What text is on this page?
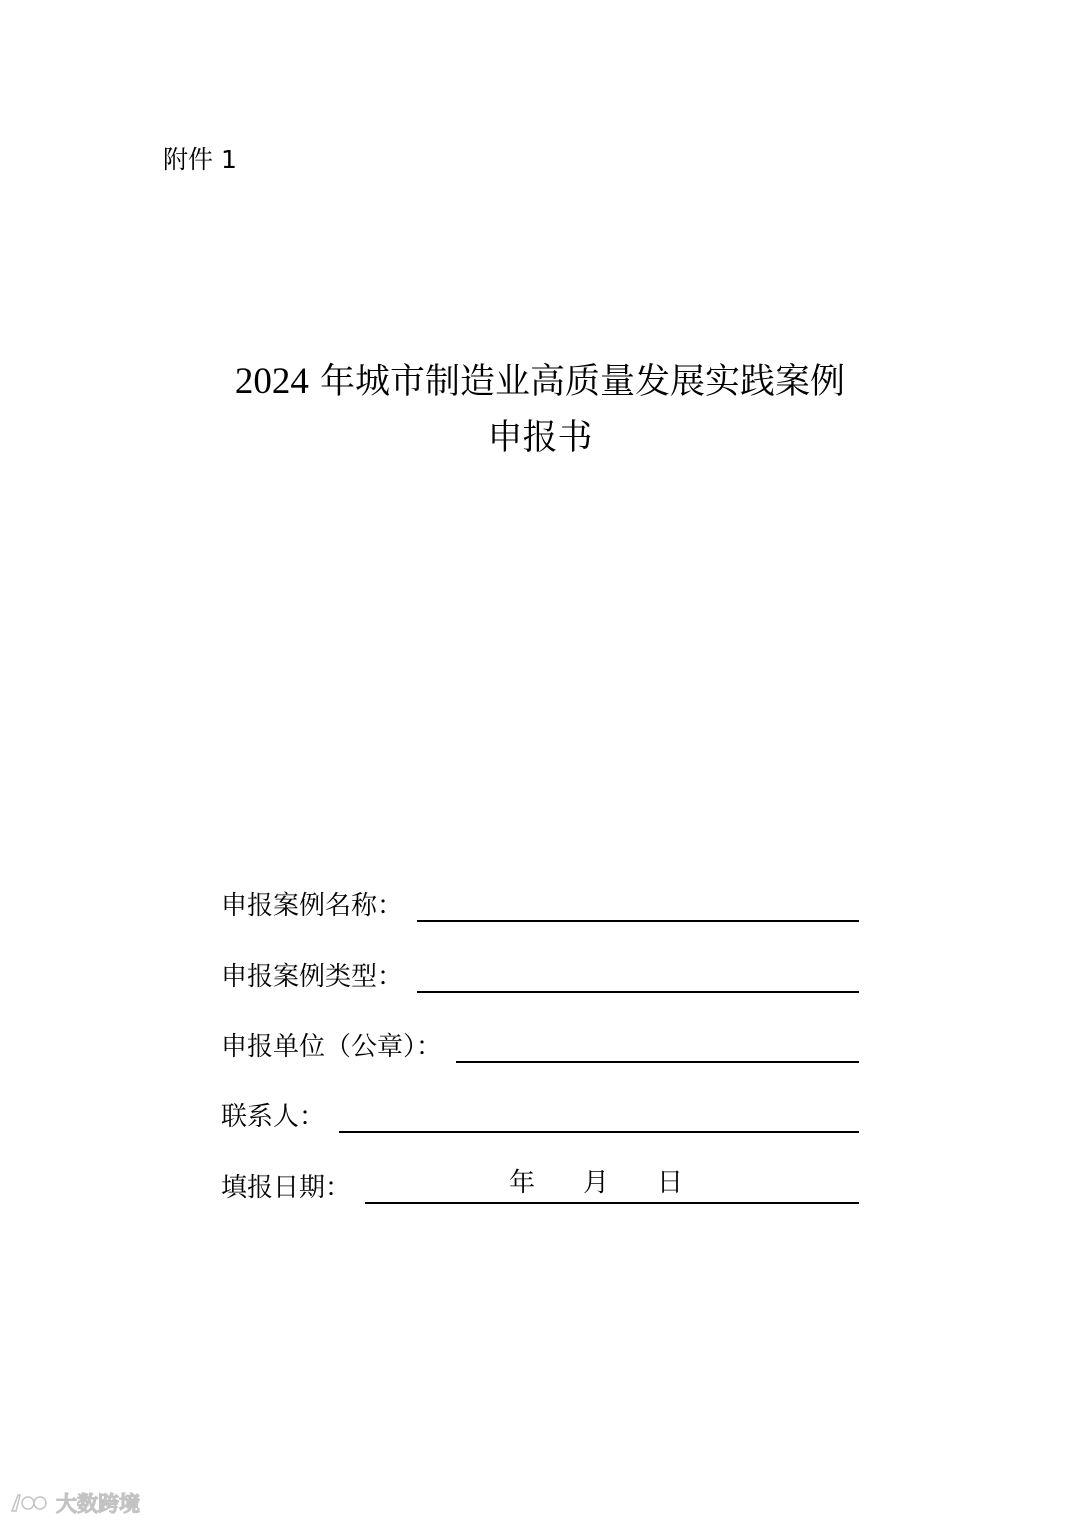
附件 1
2024 年城市制造业高质量发展实践案例
申报书
申报案例名称：
申报案例类型：
申报单位（公章）：
联系人：
填报日期：	年 月 日
大数跨境
